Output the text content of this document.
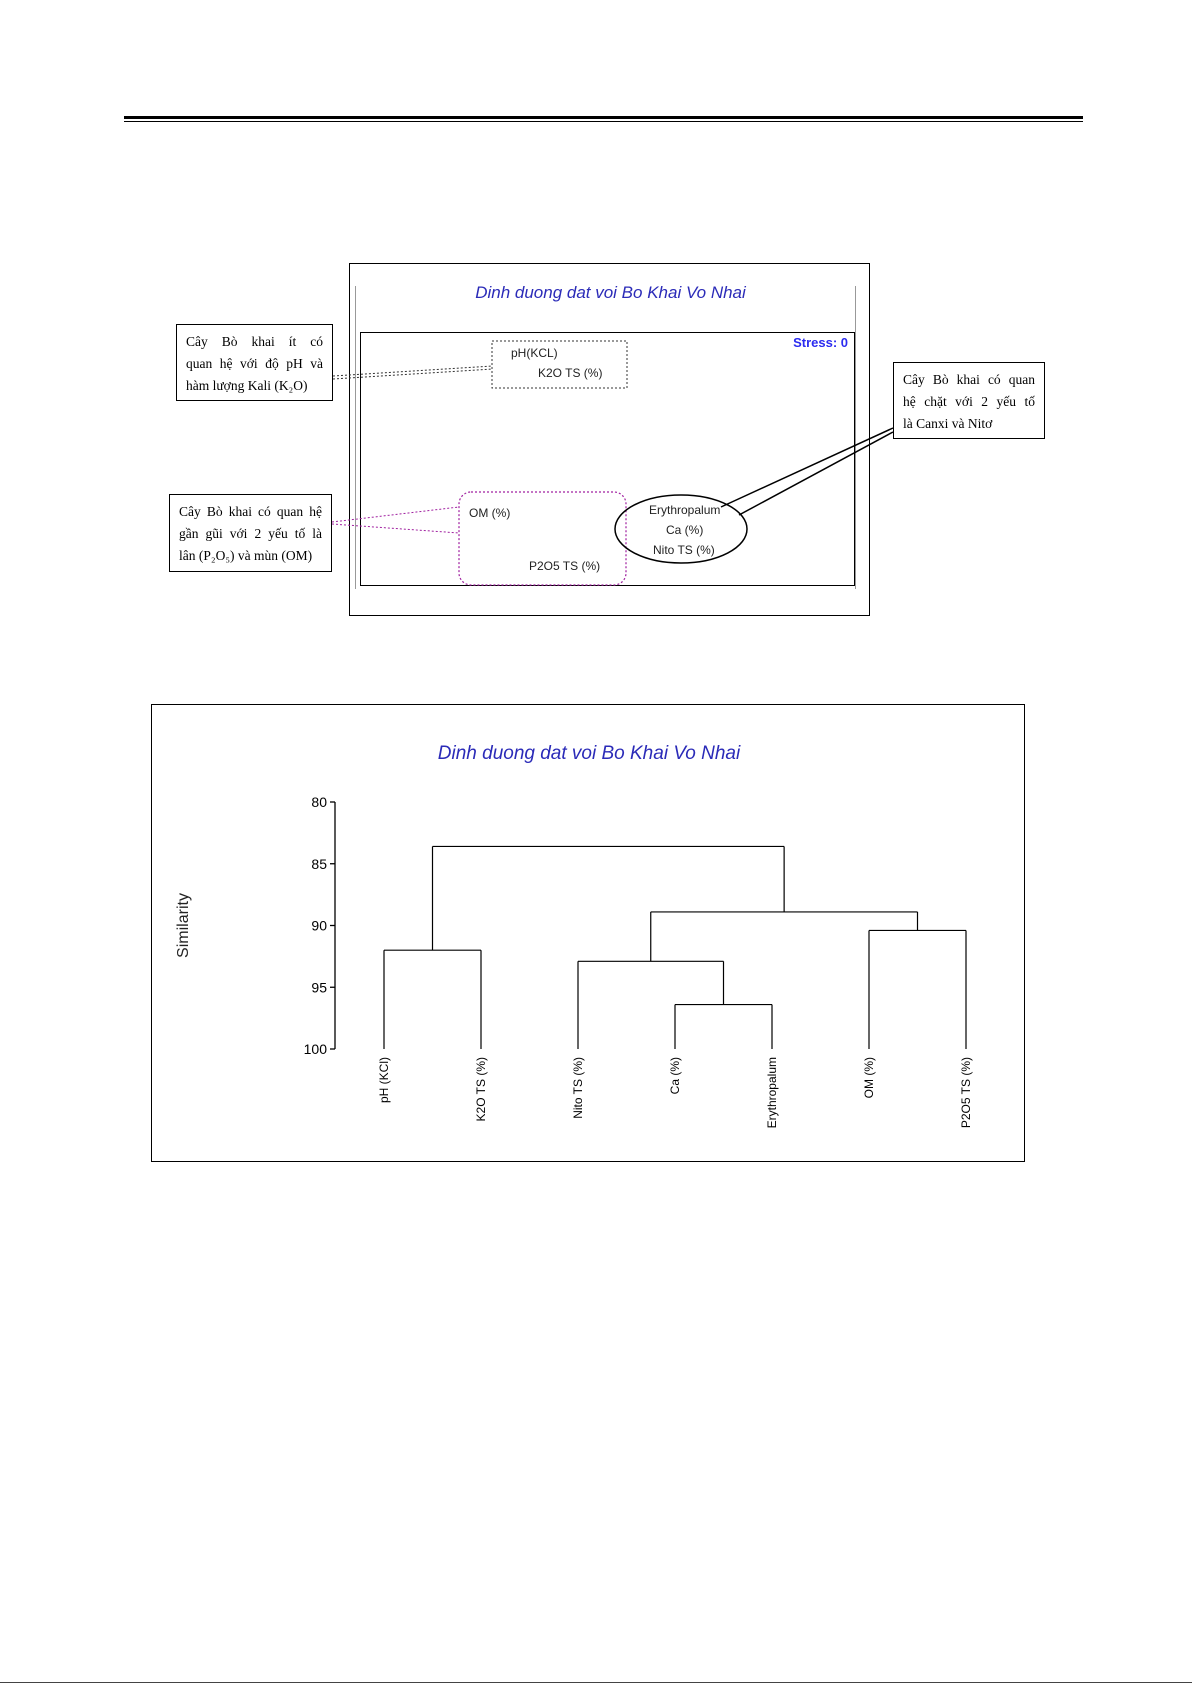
Dinh duong dat voi Bo Khai Vo Nhai
Stress: 0
pH(KCL)
K2O TS (%)
OM (%)
P2O5 TS (%)
Erythropalum
Ca (%)
Nito TS (%)
Cây Bò khai ít có
quan hệ với độ pH và
hàm lượng Kali (K₂O)	Cây Bò khai có quan
hệ chặt với 2 yếu tố
là Canxi và Nitơ
Cây Bò khai có quan hệ
gần gũi với 2 yếu tố là
lân (P₂O₅) và mùn (OM)
Dinh duong dat voi Bo Khai Vo Nhai
80
85
90
95
100
Similarity
pH (KCl)	K2O TS (%)	Nito TS (%)	Ca (%)	Erythropalum	OM (%)	P2O5 TS (%)
